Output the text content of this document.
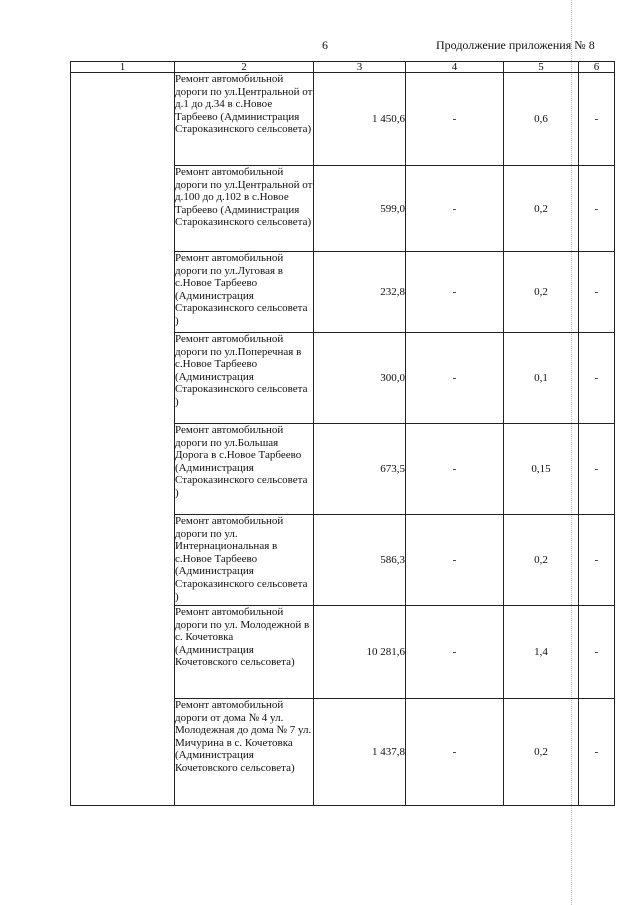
6	Продолжение приложения № 8
1	2	3	4	5	6
	Ремонт автомобильной дороги по ул.Центральной от д.1 до д.34 в с.Новое Тарбеево (Администрация Староказинского сельсовета)	1 450,6	-	0,6	-
	Ремонт автомобильной дороги по ул.Центральной от д.100 до д.102 в с.Новое Тарбеево (Администрация Староказинского сельсовета)	599,0	-	0,2	-
	Ремонт автомобильной дороги по ул.Луговая в с.Новое Тарбеево (Администрация Староказинского сельсовета )	232,8	-	0,2	-
	Ремонт автомобильной дороги по ул.Поперечная в с.Новое Тарбеево (Администрация Староказинского сельсовета )	300,0	-	0,1	-
	Ремонт автомобильной дороги по ул.Большая Дорога в с.Новое Тарбеево (Администрация Староказинского сельсовета )	673,5	-	0,15	-
	Ремонт автомобильной дороги по ул. Интернациональная в с.Новое Тарбеево (Администрация Староказинского сельсовета )	586,3	-	0,2	-
	Ремонт автомобильной дороги по ул. Молодежной в с. Кочетовка (Администрация Кочетовского сельсовета)	10 281,6	-	1,4	-
	Ремонт автомобильной дороги от дома № 4 ул. Молодежная до дома № 7 ул. Мичурина в с. Кочетовка (Администрация Кочетовского сельсовета)	1 437,8	-	0,2	-
